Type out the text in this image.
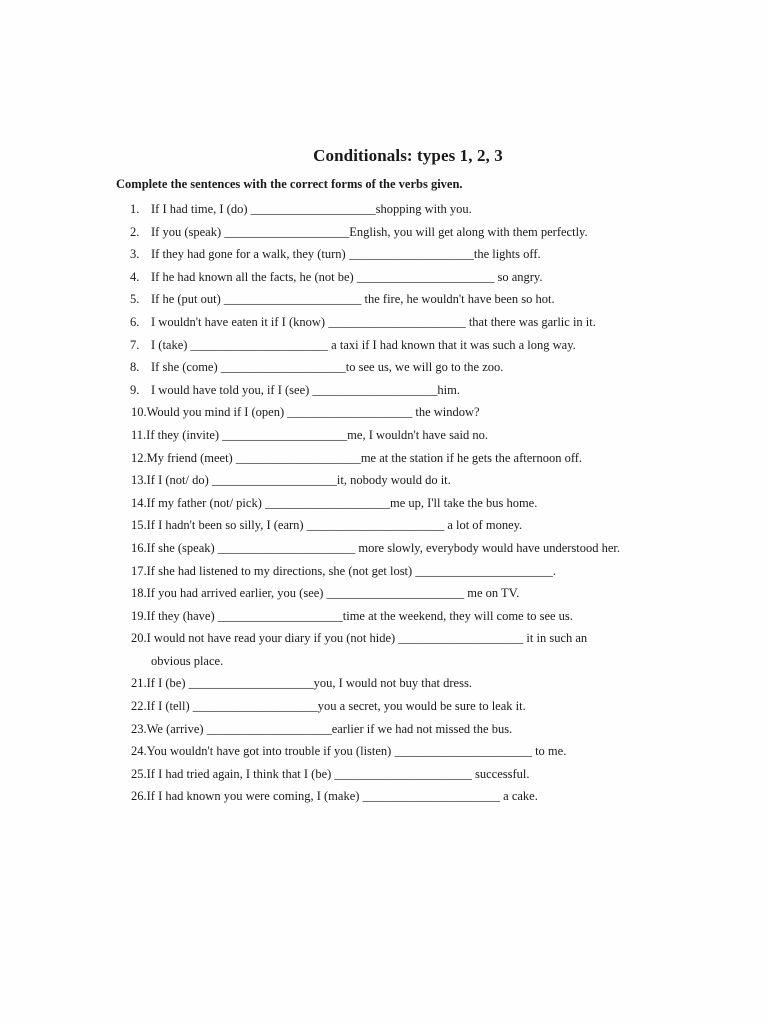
Conditionals: types 1, 2, 3
Complete the sentences with the correct forms of the verbs given.
1. If I had time, I (do) ____________________shopping with you.
2. If you (speak) ____________________English, you will get along with them perfectly.
3. If they had gone for a walk, they (turn) ____________________the lights off.
4. If he had known all the facts, he (not be) ______________________ so angry.
5. If he (put out) ______________________ the fire, he wouldn't have been so hot.
6. I wouldn't have eaten it if I (know) ______________________ that there was garlic in it.
7. I (take) ______________________ a taxi if I had known that it was such a long way.
8. If she (come) ____________________to see us, we will go to the zoo.
9. I would have told you, if I (see) ____________________him.
10. Would you mind if I (open) ____________________ the window?
11. If they (invite) ____________________me, I wouldn't have said no.
12. My friend (meet) ____________________me at the station if he gets the afternoon off.
13. If I (not/ do) ____________________it, nobody would do it.
14. If my father (not/ pick) ____________________me up, I'll take the bus home.
15. If I hadn't been so silly, I (earn) ______________________ a lot of money.
16. If she (speak) ______________________ more slowly, everybody would have understood her.
17. If she had listened to my directions, she (not get lost) ______________________.
18. If you had arrived earlier, you (see) ______________________ me on TV.
19. If they (have) ____________________time at the weekend, they will come to see us.
20. I would not have read your diary if you (not hide) ____________________ it in such an
obvious place.
21. If I (be) ____________________you, I would not buy that dress.
22. If I (tell) ____________________you a secret, you would be sure to leak it.
23. We (arrive) ____________________earlier if we had not missed the bus.
24. You wouldn't have got into trouble if you (listen) ______________________ to me.
25. If I had tried again, I think that I (be) ______________________ successful.
26. If I had known you were coming, I (make) ______________________ a cake.
